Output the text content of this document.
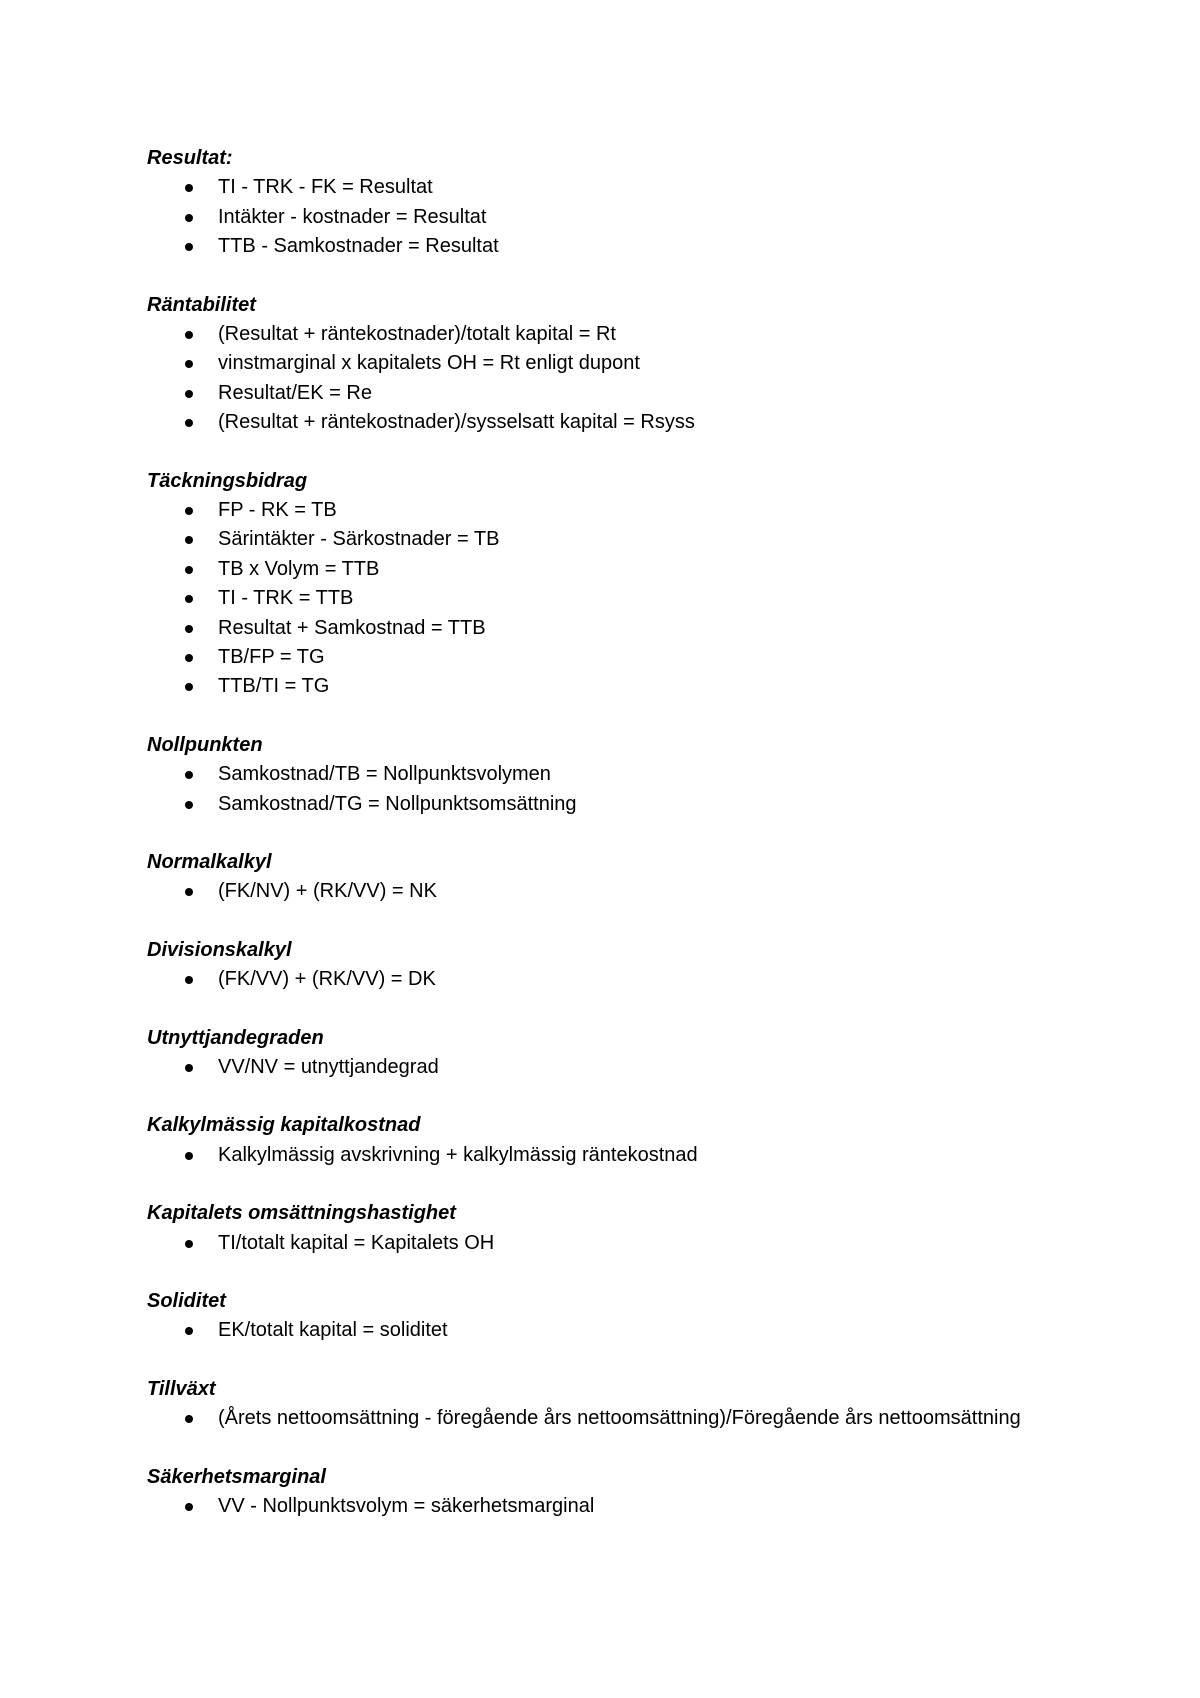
Resultat:
TI - TRK - FK = Resultat
Intäkter - kostnader = Resultat
TTB - Samkostnader = Resultat
Räntabilitet
(Resultat + räntekostnader)/totalt kapital = Rt
vinstmarginal x kapitalets OH = Rt enligt dupont
Resultat/EK = Re
(Resultat + räntekostnader)/sysselsatt kapital = Rsyss
Täckningsbidrag
FP - RK = TB
Särintäkter - Särkostnader = TB
TB x Volym = TTB
TI - TRK = TTB
Resultat + Samkostnad = TTB
TB/FP = TG
TTB/TI = TG
Nollpunkten
Samkostnad/TB = Nollpunktsvolymen
Samkostnad/TG = Nollpunktsomsättning
Normalkalkyl
(FK/NV) + (RK/VV) = NK
Divisionskalkyl
(FK/VV) + (RK/VV) = DK
Utnyttjandegraden
VV/NV = utnyttjandegrad
Kalkylmässig kapitalkostnad
Kalkylmässig avskrivning + kalkylmässig räntekostnad
Kapitalets omsättningshastighet
TI/totalt kapital = Kapitalets OH
Soliditet
EK/totalt kapital = soliditet
Tillväxt
(Årets nettoomsättning - föregående års nettoomsättning)/Föregående års nettoomsättning
Säkerhetsmarginal
VV - Nollpunktsvolym = säkerhetsmarginal
